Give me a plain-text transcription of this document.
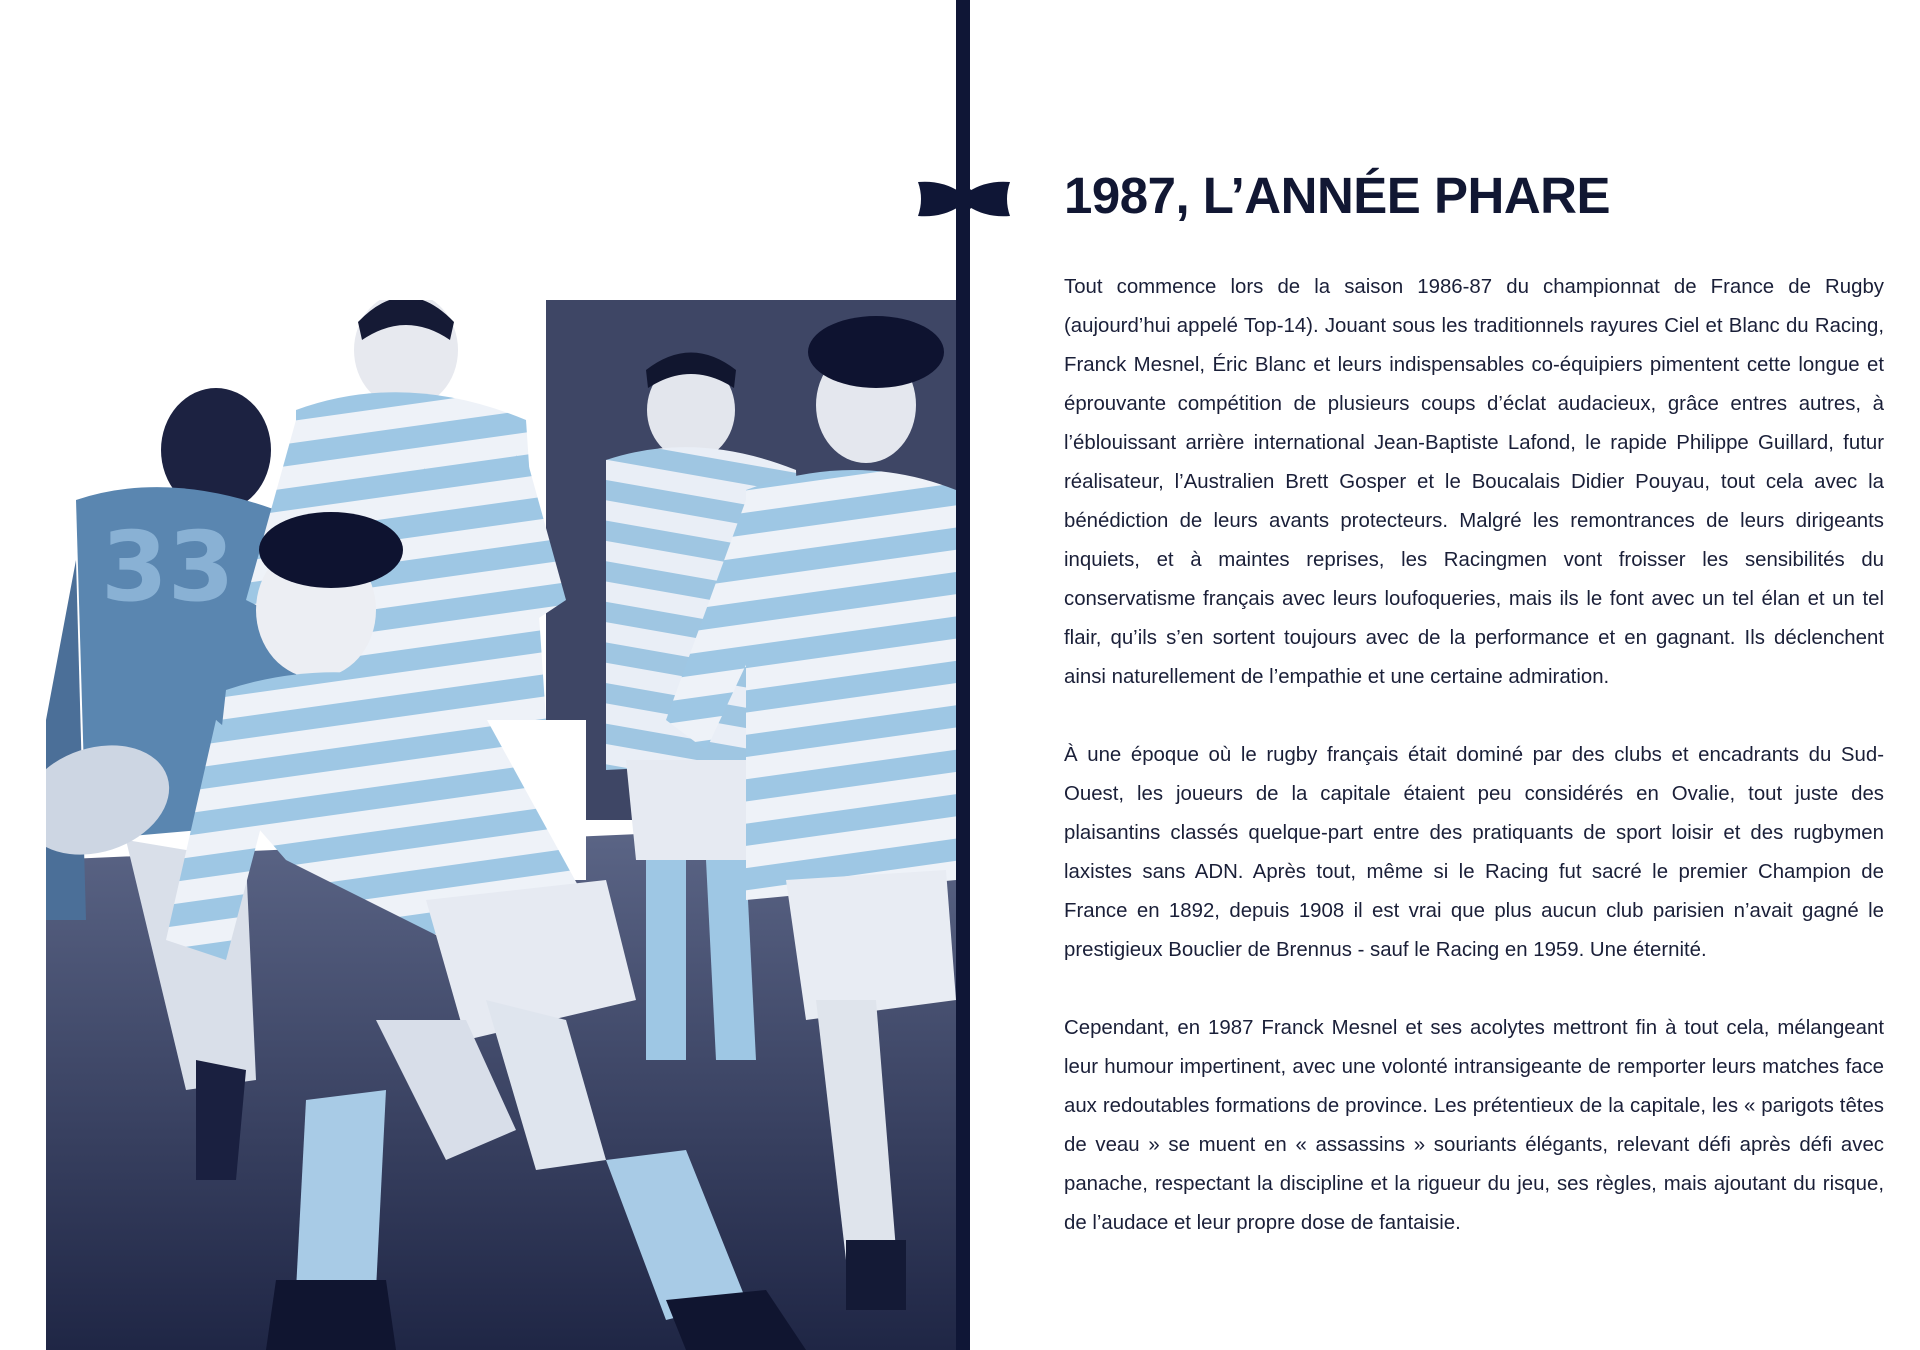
33
1987, L’ANNÉE PHARE

Tout commence lors de la saison 1986-87 du championnat de France de Rugby (aujourd’hui appelé Top-14). Jouant sous les traditionnels rayures Ciel et Blanc du Racing, Franck Mesnel, Éric Blanc et leurs indispensables co-équipiers pimentent cette longue et éprouvante compétition de plusieurs coups d’éclat audacieux, grâce entres autres, à l’éblouissant arrière international Jean-Baptiste Lafond, le rapide Philippe Guillard, futur réalisateur, l’Australien Brett Gosper et le Boucalais Didier Pouyau, tout cela avec la bénédiction de leurs avants protecteurs. Malgré les remontrances de leurs dirigeants inquiets, et à maintes reprises, les Racingmen vont froisser les sensibilités du conservatisme français avec leurs loufoqueries, mais ils le font avec un tel élan et un tel flair, qu’ils s’en sortent toujours avec de la performance et en gagnant. Ils déclenchent ainsi naturellement de l’empathie et une certaine admiration.

À une époque où le rugby français était dominé par des clubs et encadrants du Sud-Ouest, les joueurs de la capitale étaient peu considérés en Ovalie, tout juste des plaisantins classés quelque-part entre des pratiquants de sport loisir et des rugbymen laxistes sans ADN. Après tout, même si le Racing fut sacré le premier Champion de France en 1892, depuis 1908 il est vrai que plus aucun club parisien n’avait gagné le prestigieux Bouclier de Brennus - sauf le Racing en 1959. Une éternité.

Cependant, en 1987 Franck Mesnel et ses acolytes mettront fin à tout cela, mélangeant leur humour impertinent, avec une volonté intransigeante de remporter leurs matches face aux redoutables formations de province. Les prétentieux de la capitale, les « parigots têtes de veau » se muent en « assassins » souriants élégants, relevant défi après défi avec panache, respectant la discipline et la rigueur du jeu, ses règles, mais ajoutant du risque, de l’audace et leur propre dose de fantaisie.
